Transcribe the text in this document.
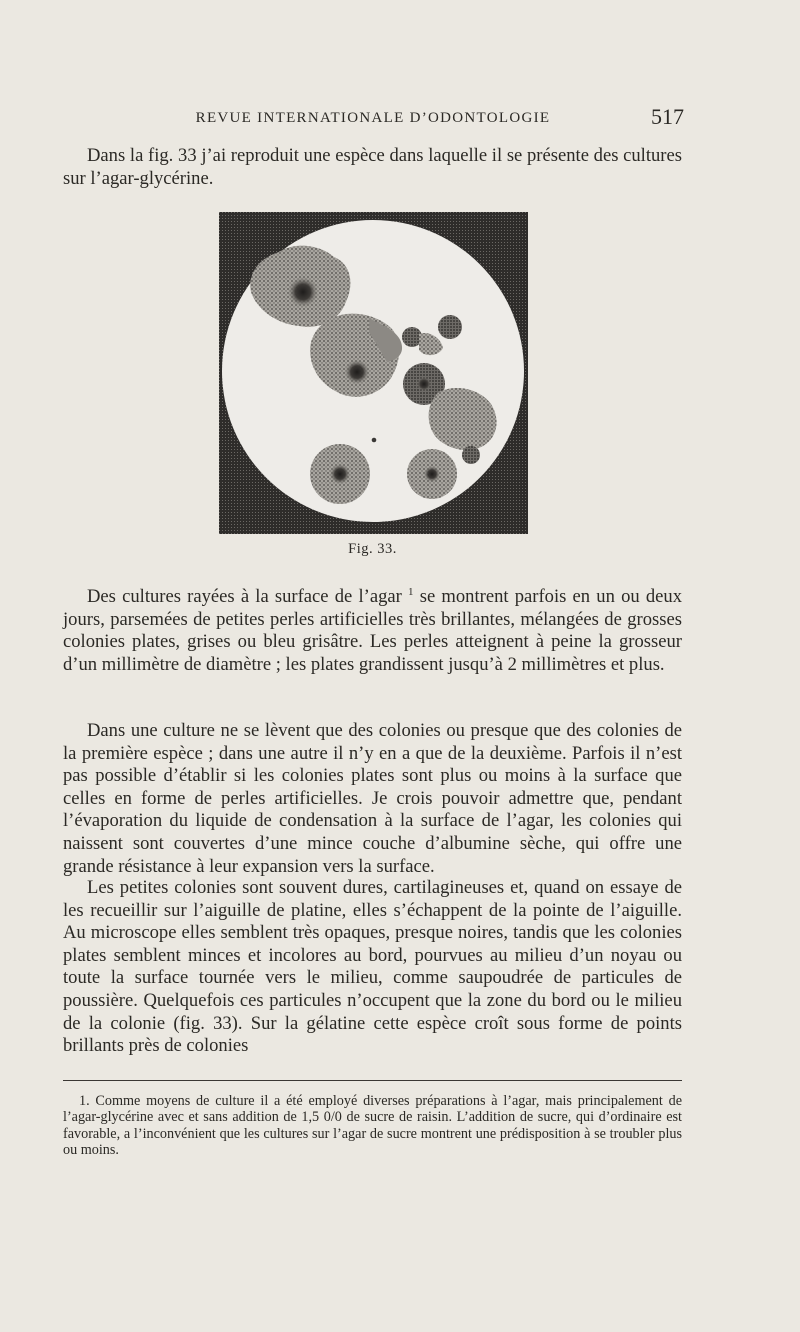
REVUE INTERNATIONALE D’ODONTOLOGIE	517

Dans la fig. 33 j’ai reproduit une espèce dans laquelle il se présente des cultures sur l’agar-glycérine.

Fig. 33.

Des cultures rayées à la surface de l’agar $^1$ se montrent parfois en un ou deux jours, parsemées de petites perles artificielles très brillantes, mélangées de grosses colonies plates, grises ou bleu grisâtre. Les perles atteignent à peine la grosseur d’un millimètre de diamètre ; les plates grandissent jusqu’à 2 millimètres et plus.

Dans une culture ne se lèvent que des colonies ou presque que des colonies de la première espèce ; dans une autre il n’y en a que de la deuxième. Parfois il n’est pas possible d’établir si les colonies plates sont plus ou moins à la surface que celles en forme de perles artificielles. Je crois pouvoir admettre que, pendant l’évaporation du liquide de condensation à la surface de l’agar, les colonies qui naissent sont couvertes d’une mince couche d’albumine sèche, qui offre une grande résistance à leur expansion vers la surface.

Les petites colonies sont souvent dures, cartilagineuses et, quand on essaye de les recueillir sur l’aiguille de platine, elles s’échappent de la pointe de l’aiguille. Au microscope elles semblent très opaques, presque noires, tandis que les colonies plates semblent minces et incolores au bord, pourvues au milieu d’un noyau ou toute la surface tournée vers le milieu, comme saupoudrée de particules de poussière. Quelquefois ces particules n’occupent que la zone du bord ou le milieu de la colonie (fig. 33). Sur la gélatine cette espèce croît sous forme de points brillants près de colonies

1. Comme moyens de culture il a été employé diverses préparations à l’agar, mais principalement de l’agar-glycérine avec et sans addition de 1,5 0/0 de sucre de raisin. L’addition de sucre, qui d’ordinaire est favorable, a l’inconvénient que les cultures sur l’agar de sucre montrent une prédisposition à se troubler plus ou moins.
